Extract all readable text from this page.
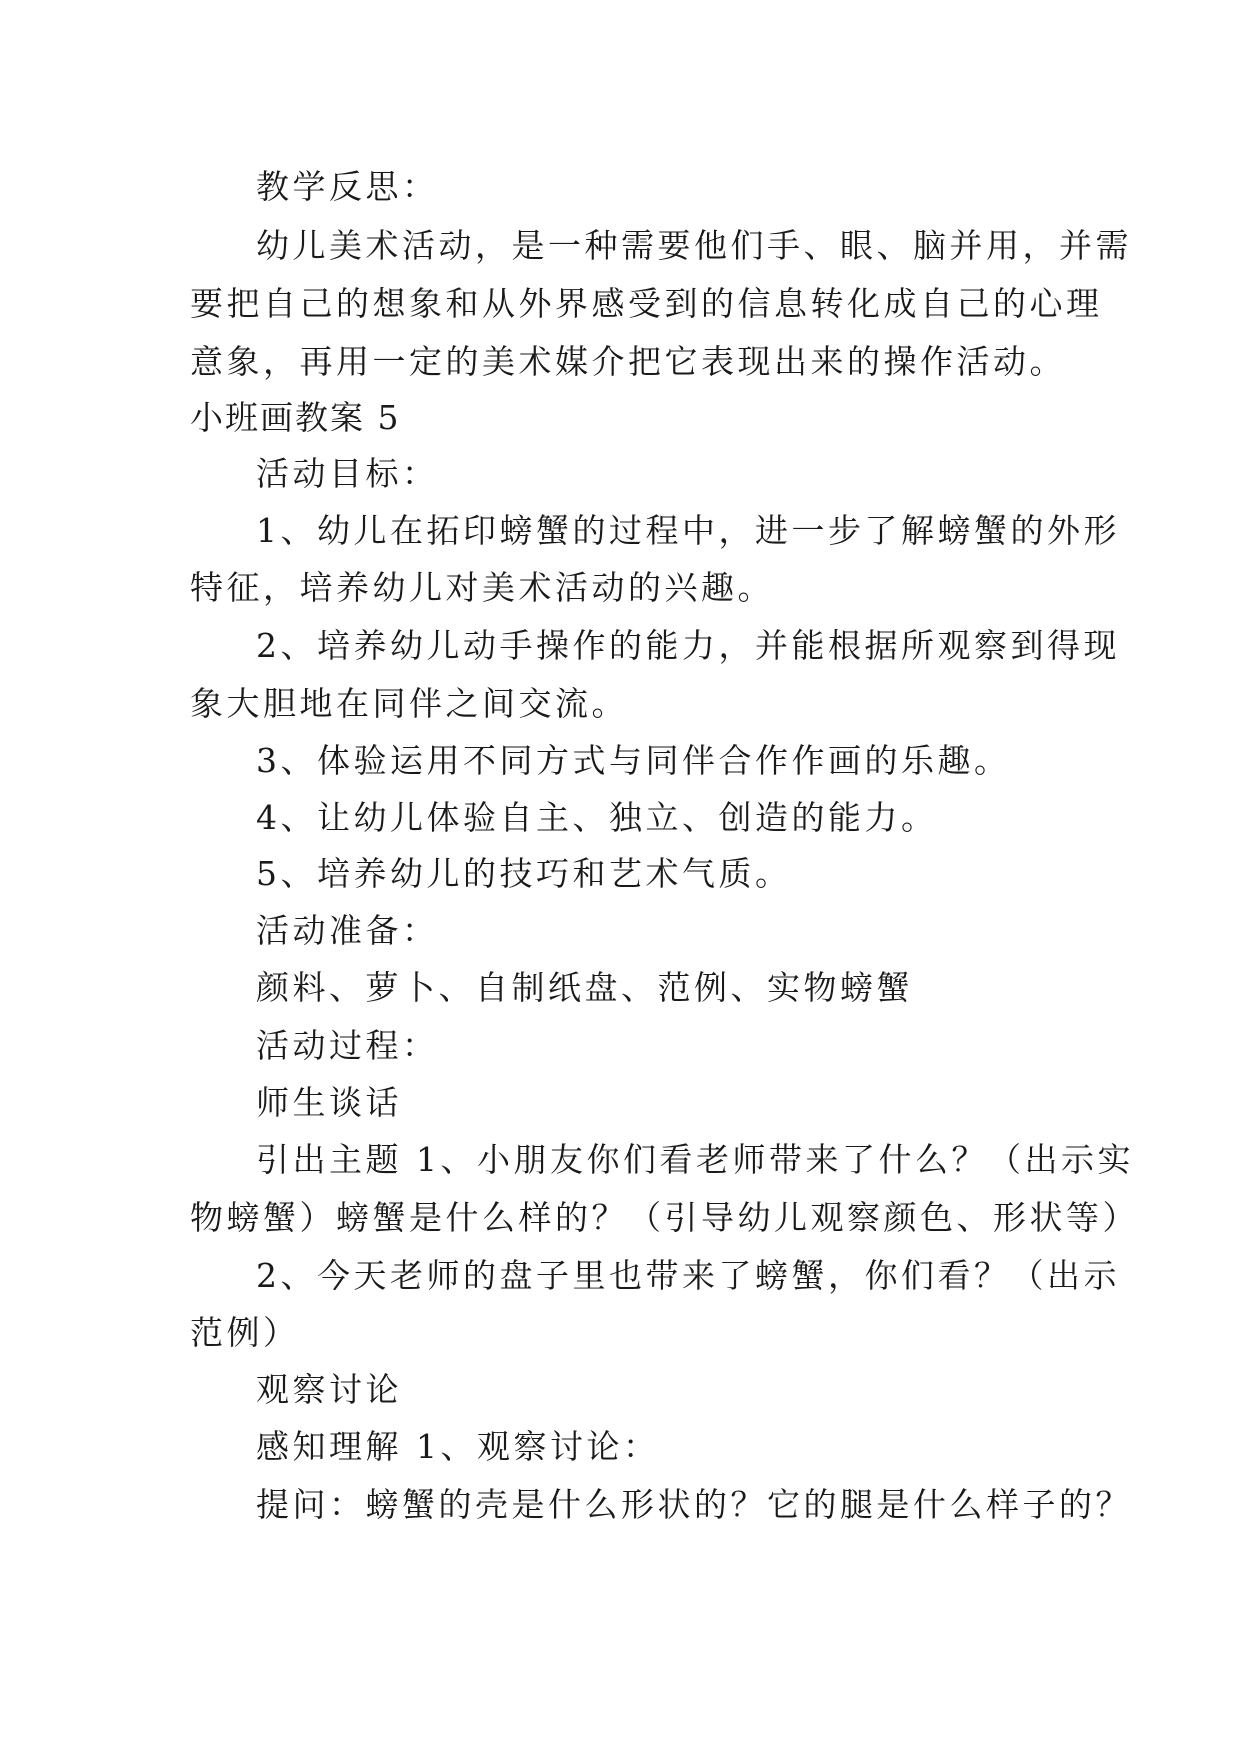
教学反思：
幼儿美术活动，是一种需要他们手、眼、脑并用，并需
要把自己的想象和从外界感受到的信息转化成自己的心理
意象，再用一定的美术媒介把它表现出来的操作活动。
小班画教案 5
活动目标：
1、幼儿在拓印螃蟹的过程中，进一步了解螃蟹的外形
特征，培养幼儿对美术活动的兴趣。
2、培养幼儿动手操作的能力，并能根据所观察到得现
象大胆地在同伴之间交流。
3、体验运用不同方式与同伴合作作画的乐趣。
4、让幼儿体验自主、独立、创造的能力。
5、培养幼儿的技巧和艺术气质。
活动准备：
颜料、萝卜、自制纸盘、范例、实物螃蟹
活动过程：
师生谈话
引出主题 1、小朋友你们看老师带来了什么？（出示实
物螃蟹）螃蟹是什么样的？（引导幼儿观察颜色、形状等）
2、今天老师的盘子里也带来了螃蟹，你们看？（出示
范例）
观察讨论
感知理解 1、观察讨论：
提问：螃蟹的壳是什么形状的？它的腿是什么样子的？
